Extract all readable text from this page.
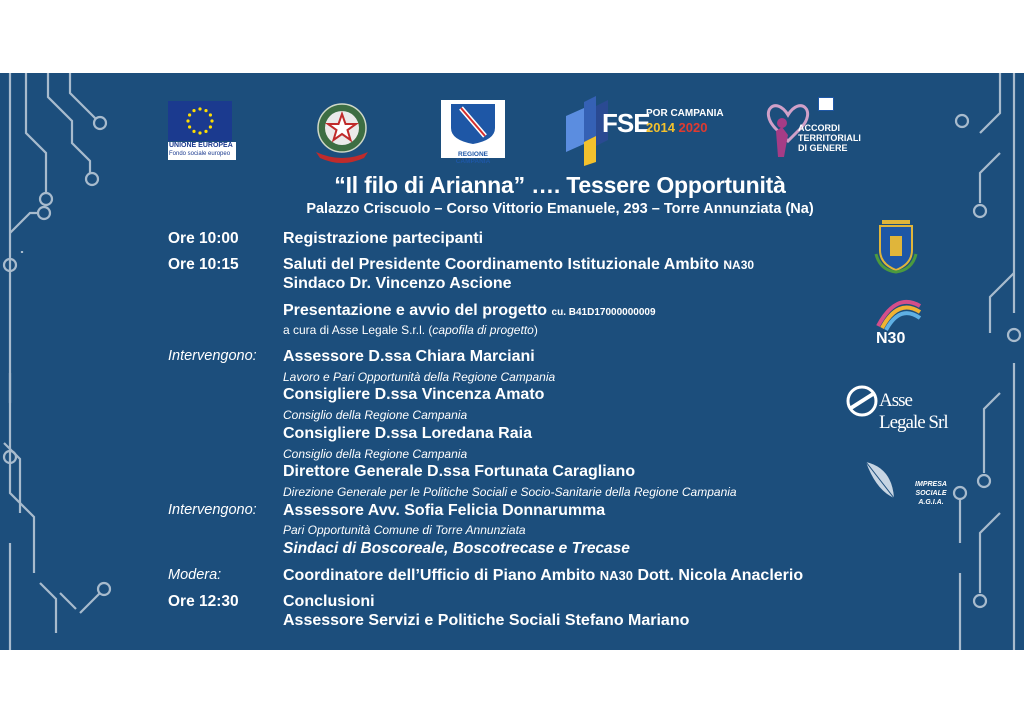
UNIONE EUROPEA
Fondo sociale europeo	REGIONE CAMPANIA
FSE
POR CAMPANIA
2014 2020	ACCORDI
TERRITORIALI
DI GENERE
N30
Asse Legale Srl
IMPRESA SOCIALE
A.G.I.A.
“Il filo di Arianna” …. Tessere Opportunità
Palazzo Criscuolo – Corso Vittorio Emanuele, 293 – Torre Annunziata (Na)
Ore 10:00	Registrazione partecipanti
Ore 10:15	Saluti del Presidente Coordinamento Istituzionale Ambito NA30
Sindaco Dr. Vincenzo Ascione
Presentazione e avvio del progetto cu. B41D17000000009
a cura di Asse Legale S.r.l. (capofila di progetto)
Intervengono: Assessore D.ssa Chiara Marciani
Lavoro e Pari Opportunità della Regione Campania
Consigliere D.ssa Vincenza Amato
Consiglio della Regione Campania
Consigliere D.ssa Loredana Raia
Consiglio della Regione Campania
Direttore Generale D.ssa Fortunata Caragliano
Direzione Generale per le Politiche Sociali e Socio-Sanitarie della Regione Campania
Intervengono: Assessore Avv. Sofia Felicia Donnarumma
Pari Opportunità Comune di Torre Annunziata
Sindaci di Boscoreale, Boscotrecase e Trecase
Modera:	Coordinatore dell’Ufficio di Piano Ambito NA30 Dott. Nicola Anaclerio
Ore 12:30	Conclusioni
Assessore Servizi e Politiche Sociali Stefano Mariano
